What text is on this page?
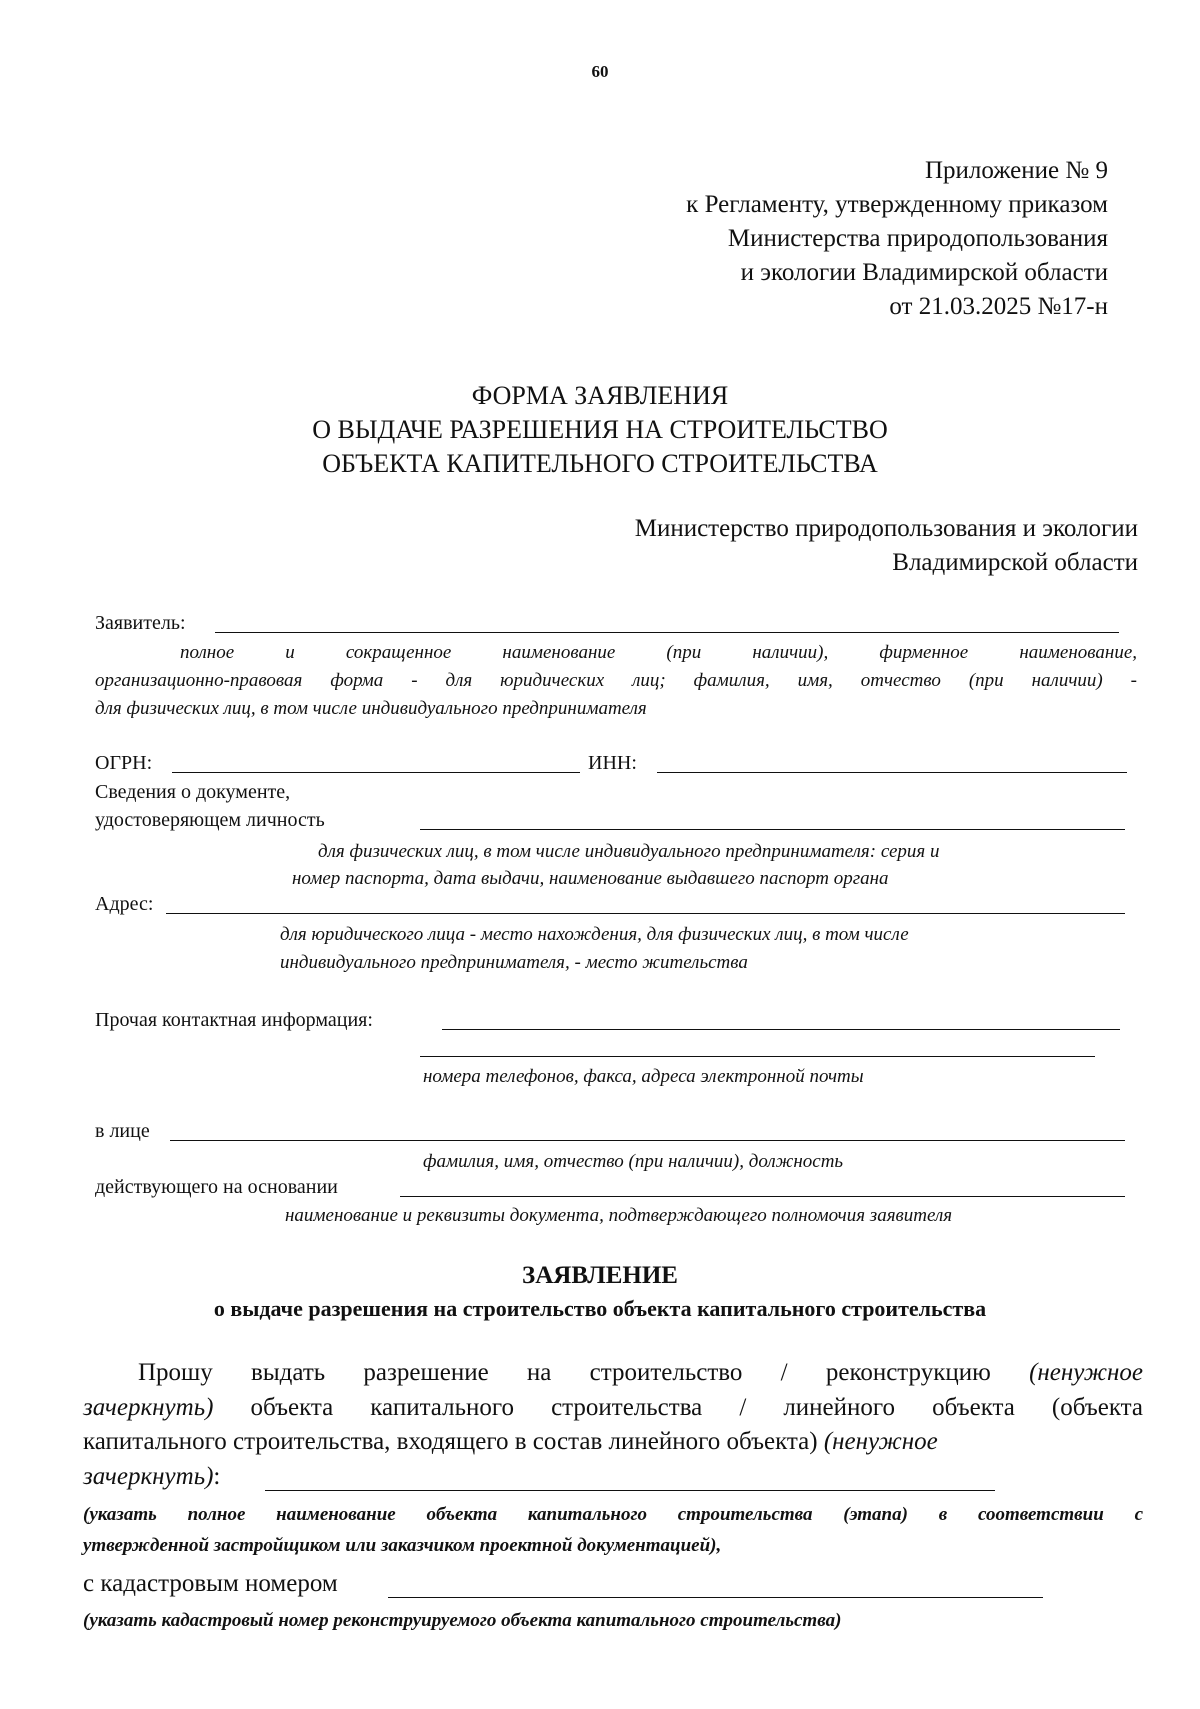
60
Приложение № 9
к Регламенту, утвержденному приказом
Министерства природопользования
и экологии Владимирской области
от 21.03.2025 №17-н
ФОРМА ЗАЯВЛЕНИЯ
О ВЫДАЧЕ РАЗРЕШЕНИЯ НА СТРОИТЕЛЬСТВО
ОБЪЕКТА КАПИТЕЛЬНОГО СТРОИТЕЛЬСТВА
Министерство природопользования и экологии
Владимирской области
Заявитель:
полное и сокращенное наименование (при наличии), фирменное наименование,
организационно-правовая форма - для юридических лиц; фамилия, имя, отчество (при наличии) -
для физических лиц, в том числе индивидуального предпринимателя
ОГРН:	ИНН:
Сведения о документе,
удостоверяющем личность
для физических лиц, в том числе индивидуального предпринимателя: серия и
номер паспорта, дата выдачи, наименование выдавшего паспорт органа
Адрес:
для юридического лица - место нахождения, для физических лиц, в том числе
индивидуального предпринимателя, - место жительства
Прочая контактная информация:
номера телефонов, факса, адреса электронной почты
в лице
фамилия, имя, отчество (при наличии), должность
действующего на основании
наименование и реквизиты документа, подтверждающего полномочия заявителя
ЗАЯВЛЕНИЕ
о выдаче разрешения на строительство объекта капитального строительства
Прошу выдать разрешение на строительство / реконструкцию (ненужное
зачеркнуть) объекта капитального строительства / линейного объекта (объекта
капитального строительства, входящего в состав линейного объекта) (ненужное
зачеркнуть):
(указать полное наименование объекта капитального строительства (этапа) в соответствии с
утвержденной застройщиком или заказчиком проектной документацией),
с кадастровым номером
(указать кадастровый номер реконструируемого объекта капитального строительства)
